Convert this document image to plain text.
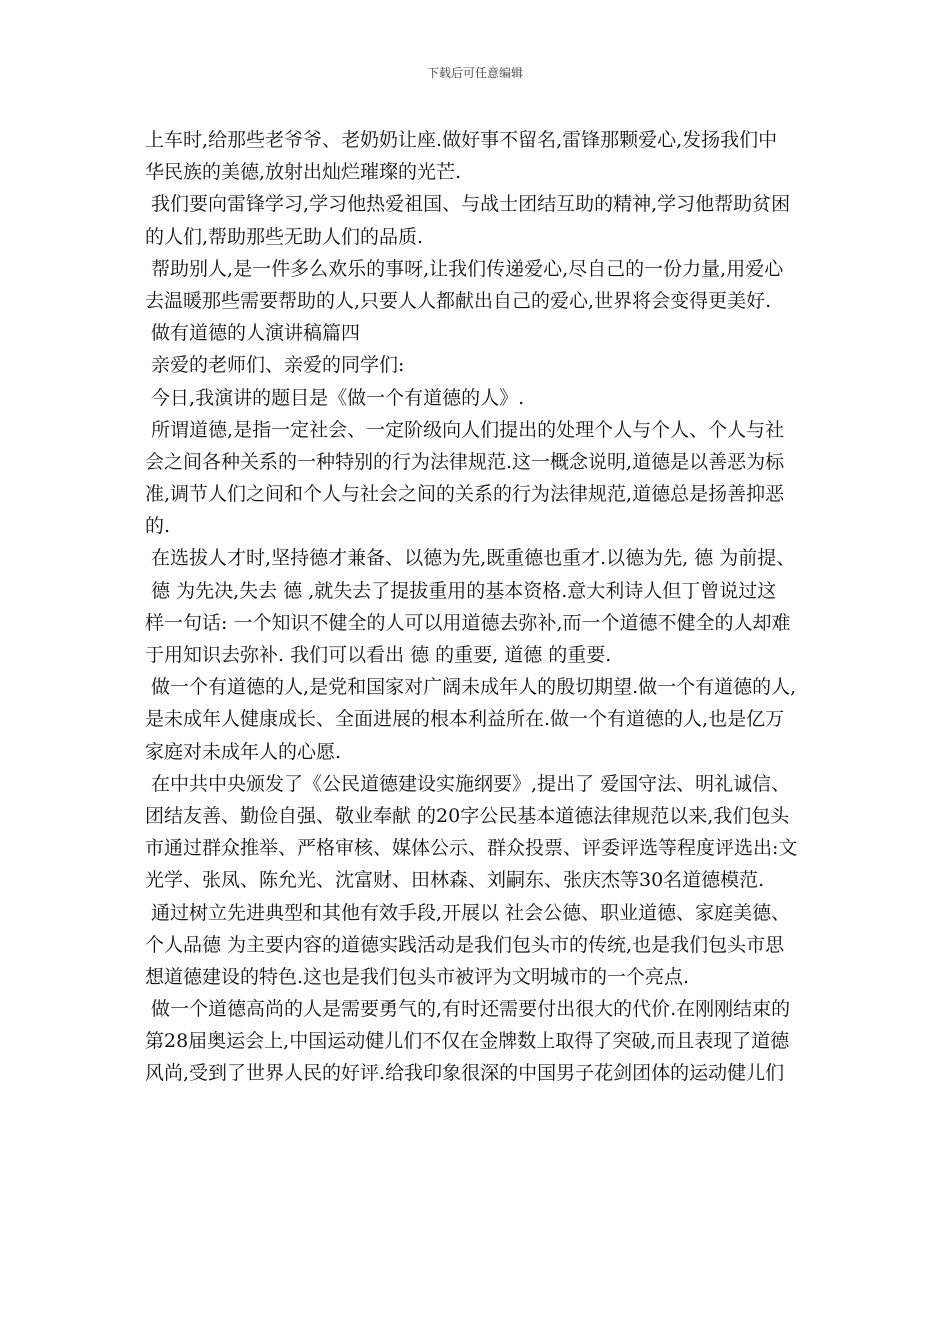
下载后可任意编辑
上车时,给那些老爷爷、老奶奶让座.做好事不留名,雷锋那颗爱心,发扬我们中
华民族的美德,放射出灿烂璀璨的光芒.
我们要向雷锋学习,学习他热爱祖国、与战士团结互助的精神,学习他帮助贫困
的人们,帮助那些无助人们的品质.
帮助别人,是一件多么欢乐的事呀,让我们传递爱心,尽自己的一份力量,用爱心
去温暖那些需要帮助的人,只要人人都献出自己的爱心,世界将会变得更美好.
做有道德的人演讲稿篇四
亲爱的老师们、亲爱的同学们:
今日,我演讲的题目是《做一个有道德的人》.
所谓道德,是指一定社会、一定阶级向人们提出的处理个人与个人、个人与社
会之间各种关系的一种特别的行为法律规范.这一概念说明,道德是以善恶为标
准,调节人们之间和个人与社会之间的关系的行为法律规范,道德总是扬善抑恶
的.
在选拔人才时,坚持德才兼备、以德为先,既重德也重才.以德为先, 德 为前提、
德 为先决,失去 德 ,就失去了提拔重用的基本资格.意大利诗人但丁曾说过这
样一句话: 一个知识不健全的人可以用道德去弥补,而一个道德不健全的人却难
于用知识去弥补. 我们可以看出 德 的重要, 道德 的重要.
做一个有道德的人,是党和国家对广阔未成年人的殷切期望.做一个有道德的人,
是未成年人健康成长、全面进展的根本利益所在.做一个有道德的人,也是亿万
家庭对未成年人的心愿.
在中共中央颁发了《公民道德建设实施纲要》,提出了 爱国守法、明礼诚信、
团结友善、勤俭自强、敬业奉献 的20字公民基本道德法律规范以来,我们包头
市通过群众推举、严格审核、媒体公示、群众投票、评委评选等程度评选出:文
光学、张凤、陈允光、沈富财、田林森、刘嗣东、张庆杰等30名道德模范.
通过树立先进典型和其他有效手段,开展以 社会公德、职业道德、家庭美德、
个人品德 为主要内容的道德实践活动是我们包头市的传统,也是我们包头市思
想道德建设的特色.这也是我们包头市被评为文明城市的一个亮点.
做一个道德高尚的人是需要勇气的,有时还需要付出很大的代价.在刚刚结束的
第28届奥运会上,中国运动健儿们不仅在金牌数上取得了突破,而且表现了道德
风尚,受到了世界人民的好评.给我印象很深的中国男子花剑团体的运动健儿们
